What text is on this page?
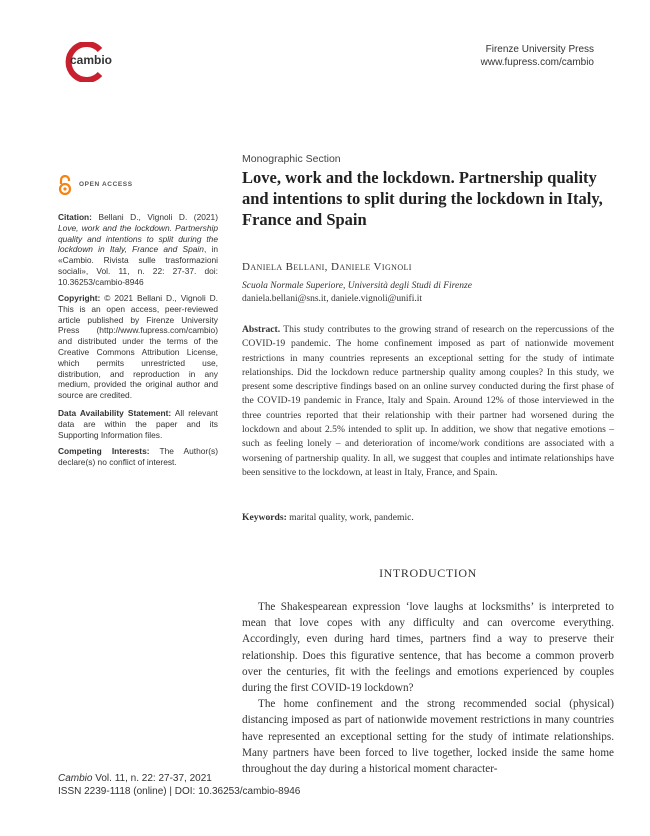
cambio
Firenze University Press
www.fupress.com/cambio
OPEN ACCESS

Citation: Bellani D., Vignoli D. (2021) Love, work and the lockdown. Partnership quality and intentions to split during the lockdown in Italy, France and Spain, in «Cambio. Rivista sulle trasformazioni sociali», Vol. 11, n. 22: 27-37. doi: 10.36253/cambio-8946

Copyright: © 2021 Bellani D., Vignoli D. This is an open access, peer-reviewed article published by Firenze University Press (http://www.fupress.com/cambio) and distributed under the terms of the Creative Commons Attribution License, which permits unrestricted use, distribution, and reproduction in any medium, provided the original author and source are credited.

Data Availability Statement: All relevant data are within the paper and its Supporting Information files.

Competing Interests: The Author(s) declare(s) no conflict of interest.

Monographic Section
Love, work and the lockdown. Partnership quality and intentions to split during the lockdown in Italy, France and Spain
Daniela Bellani, Daniele Vignoli
Scuola Normale Superiore, Università degli Studi di Firenze
daniela.bellani@sns.it, daniele.vignoli@unifi.it

Abstract. This study contributes to the growing strand of research on the repercussions of the COVID-19 pandemic. The home confinement imposed as part of nationwide movement restrictions in many countries represents an exceptional setting for the study of intimate relationships. Did the lockdown reduce partnership quality among couples? In this study, we present some descriptive findings based on an online survey conducted during the first phase of the COVID-19 pandemic in France, Italy and Spain. Around 12% of those interviewed in the three countries reported that their relationship with their partner had worsened during the lockdown and about 2.5% intended to split up. In addition, we show that negative emotions – such as feeling lonely – and deterioration of income/work conditions are associated with a worsening of partnership quality. In all, we suggest that couples and intimate relationships have been sensitive to the lockdown, at least in Italy, France, and Spain.

Keywords: marital quality, work, pandemic.
INTRODUCTION

The Shakespearean expression ‘love laughs at locksmiths’ is interpreted to mean that love copes with any difficulty and can overcome everything. Accordingly, even during hard times, partners find a way to preserve their relationship. Does this figurative sentence, that has become a common proverb over the centuries, fit with the feelings and emotions experienced by couples during the first COVID-19 lockdown?

The home confinement and the strong recommended social (physical) distancing imposed as part of nationwide movement restrictions in many countries have represented an exceptional setting for the study of intimate relationships. Many partners have been forced to live together, locked inside the same home throughout the day during a historical moment character-

Cambio Vol. 11, n. 22: 27-37, 2021
ISSN 2239-1118 (online) | DOI: 10.36253/cambio-8946
